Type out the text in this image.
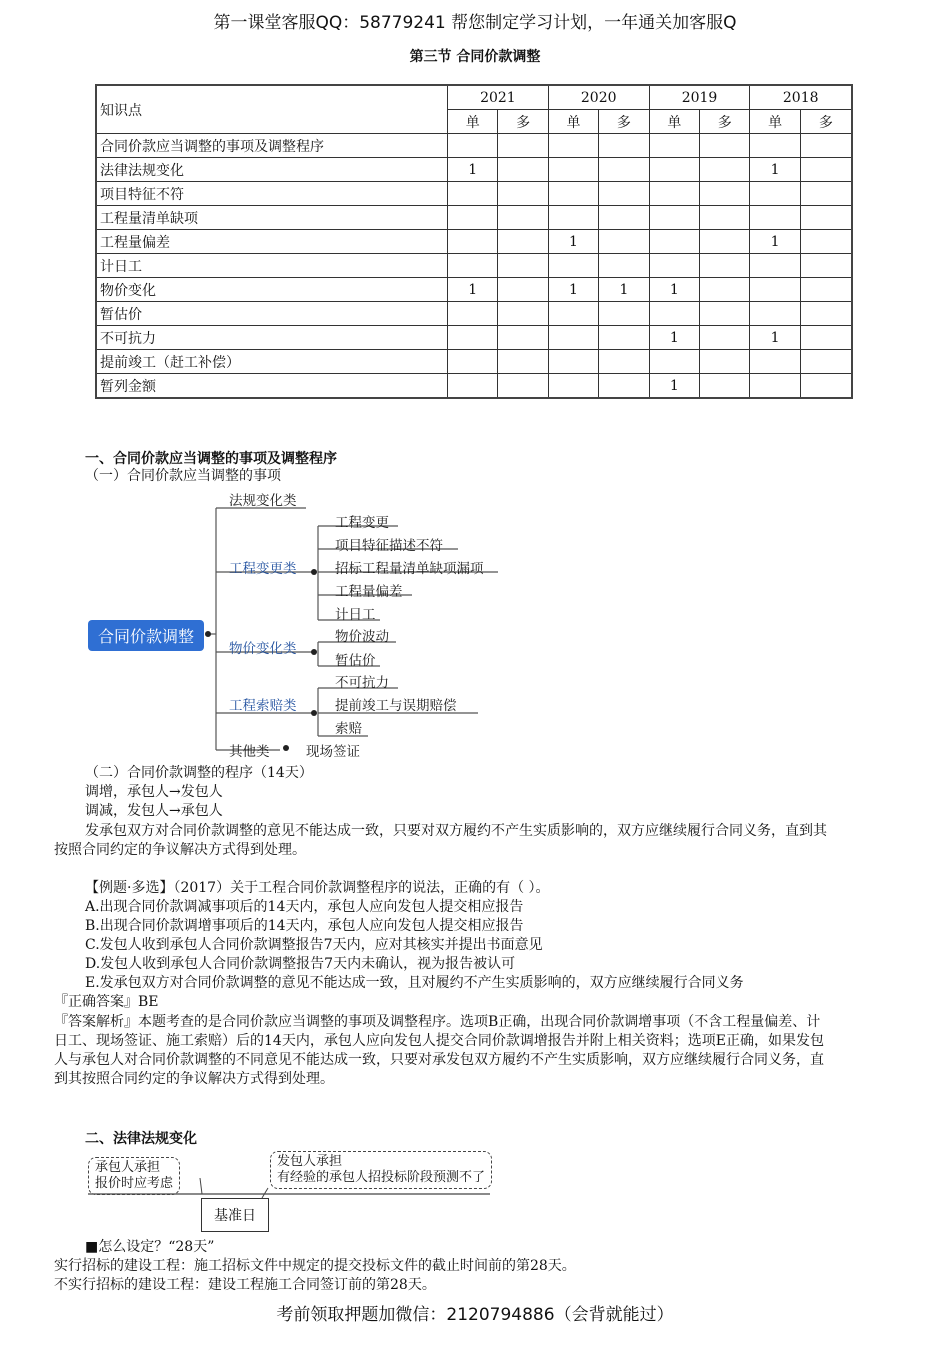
第一课堂客服QQ：58779241 帮您制定学习计划，一年通关加客服Q
第三节 合同价款调整
知识点	2021		2020		2019		2018	
	单	多	单	多	单	多	单	多
合同价款应当调整的事项及调整程序								
法律法规变化	1						1	
项目特征不符								
工程量清单缺项								
工程量偏差			1				1	
计日工								
物价变化	1		1	1	1			
暂估价								
不可抗力					1		1	
提前竣工（赶工补偿）								
暂列金额					1			
一、合同价款应当调整的事项及调整程序
（一）合同价款应当调整的事项
合同价款调整
法规变化类
工程变更类
工程变更
项目特征描述不符
招标工程量清单缺项漏项
工程量偏差
计日工
物价变化类
物价波动
暂估价
工程索赔类
不可抗力
提前竣工与误期赔偿
索赔
其他类	现场签证
（二）合同价款调整的程序（14天）
调增，承包人→发包人
调减，发包人→承包人
发承包双方对合同价款调整的意见不能达成一致，只要对双方履约不产生实质影响的，双方应继续履行合同义务，直到其
按照合同约定的争议解决方式得到处理。
【例题·多选】（2017）关于工程合同价款调整程序的说法，正确的有（ ）。
A.出现合同价款调减事项后的14天内，承包人应向发包人提交相应报告
B.出现合同价款调增事项后的14天内，承包人应向发包人提交相应报告
C.发包人收到承包人合同价款调整报告7天内，应对其核实并提出书面意见
D.发包人收到承包人合同价款调整报告7天内未确认，视为报告被认可
E.发承包双方对合同价款调整的意见不能达成一致，且对履约不产生实质影响的，双方应继续履行合同义务
『正确答案』BE
『答案解析』本题考查的是合同价款应当调整的事项及调整程序。选项B正确，出现合同价款调增事项（不含工程量偏差、计
日工、现场签证、施工索赔）后的14天内，承包人应向发包人提交合同价款调增报告并附上相关资料；选项E正确，如果发包
人与承包人对合同价款调整的不同意见不能达成一致，只要对承发包双方履约不产生实质影响，双方应继续履行合同义务，直
到其按照合同约定的争议解决方式得到处理。
二、法律法规变化
承包人承担
报价时应考虑
发包人承担
有经验的承包人招投标阶段预测不了
基准日
■怎么设定？“28天”
实行招标的建设工程：施工招标文件中规定的提交投标文件的截止时间前的第28天。
不实行招标的建设工程：建设工程施工合同签订前的第28天。
考前领取押题加微信：2120794886（会背就能过）
